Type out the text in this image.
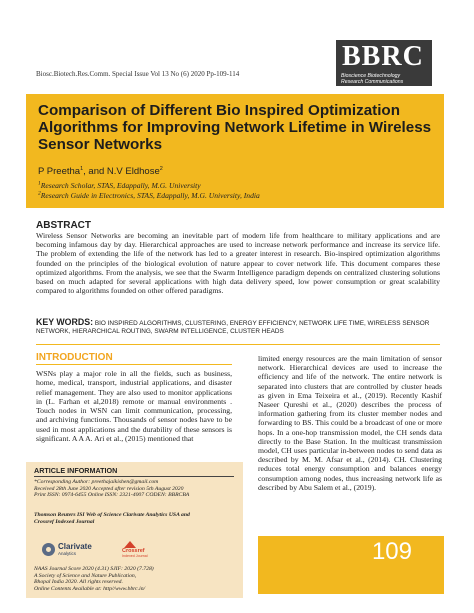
Biosc.Biotech.Res.Comm. Special Issue Vol 13 No (6) 2020 Pp-109-114
BBRC
Bioscience Biotechnology
Research Communications
Comparison of Different Bio Inspired Optimization Algorithms for Improving Network Lifetime in Wireless Sensor Networks
P Preetha$^1$, and N.V Eldhose$^2$
$^1$Research Scholar, STAS, Edappally, M.G. University
$^2$Research Guide in Electronics, STAS, Edappally, M.G. University, India
ABSTRACT
Wireless Sensor Networks are becoming an inevitable part of modern life from healthcare to military applications and are becoming infamous day by day. Hierarchical approaches are used to increase network performance and increase its service life. The problem of extending the life of the network has led to a greater interest in research. Bio-inspired optimization algorithms founded on the principles of the biological evolution of nature appear to cover network life. This document compares these optimized algorithms. From the analysis, we see that the Swarm Intelligence paradigm depends on centralized clustering solutions based on much adapted for several applications with high data delivery speed, low power consumption or great scalability compared to algorithms founded on other offered paradigms.
KEY WORDS: BIO INSPIRED ALGORITHMS, CLUSTERING, ENERGY EFFICIENCY, NETWORK LIFE TIME, WIRELESS SENSOR NETWORK, HIERARCHICAL ROUTING, SWARM INTELLIGENCE, CLUSTER HEADS
INTRODUCTION
WSNs play a major role in all the fields, such as business, home, medical, transport, industrial applications, and disaster relief management. They are also used to monitor applications in (L. Farhan et al,2018) remote or manual environments . Touch nodes in WSN can limit communication, processing, and archiving functions. Thousands of sensor nodes have to be used in most applications and the durability of these sensors is significant. A A A. Ari et al., (2015) mentioned that
limited energy resources are the main limitation of sensor network. Hierarchical devices are used to increase the efficiency and life of the network. The entire network is separated into clusters that are controlled by cluster heads as given in Ema Teixeira et al., (2019). Recently Kashif Naseer Qureshi et al., (2020) describes the process of information gathering from its cluster member nodes and forwarding to BS. This could be a broadcast of one or more hops. In a one-hop transmission model, the CH sends data directly to the Base Station. In the multicast transmission model, CH uses particular in-between nodes to send data as described by M. M. Afsar et al., (2014). CH. Clustering reduces total energy consumption and balances energy consumption among nodes, thus increasing network life as described by Abu Salem et al., (2019).
ARTICLE INFORMATION
*Corresponding Author: preethajaikishen@gmail.com
Received 28th June 2020 Accepted after revision 5th August 2020
Print ISSN: 0974-6455 Online ISSN: 2321-4007 CODEN: BBRCBA
Thomson Reuters ISI Web of Science Clarivate Analytics USA and
Crossref Indexed Journal
Clarivate
Analytics	Crossref
Indexed Journal
NAAS Journal Score 2020 (4.31) SJIF: 2020 (7.728)
A Society of Science and Nature Publication,
Bhopal India 2020. All rights reserved.
Online Contents Available at: http//www.bbrc.in/
109
